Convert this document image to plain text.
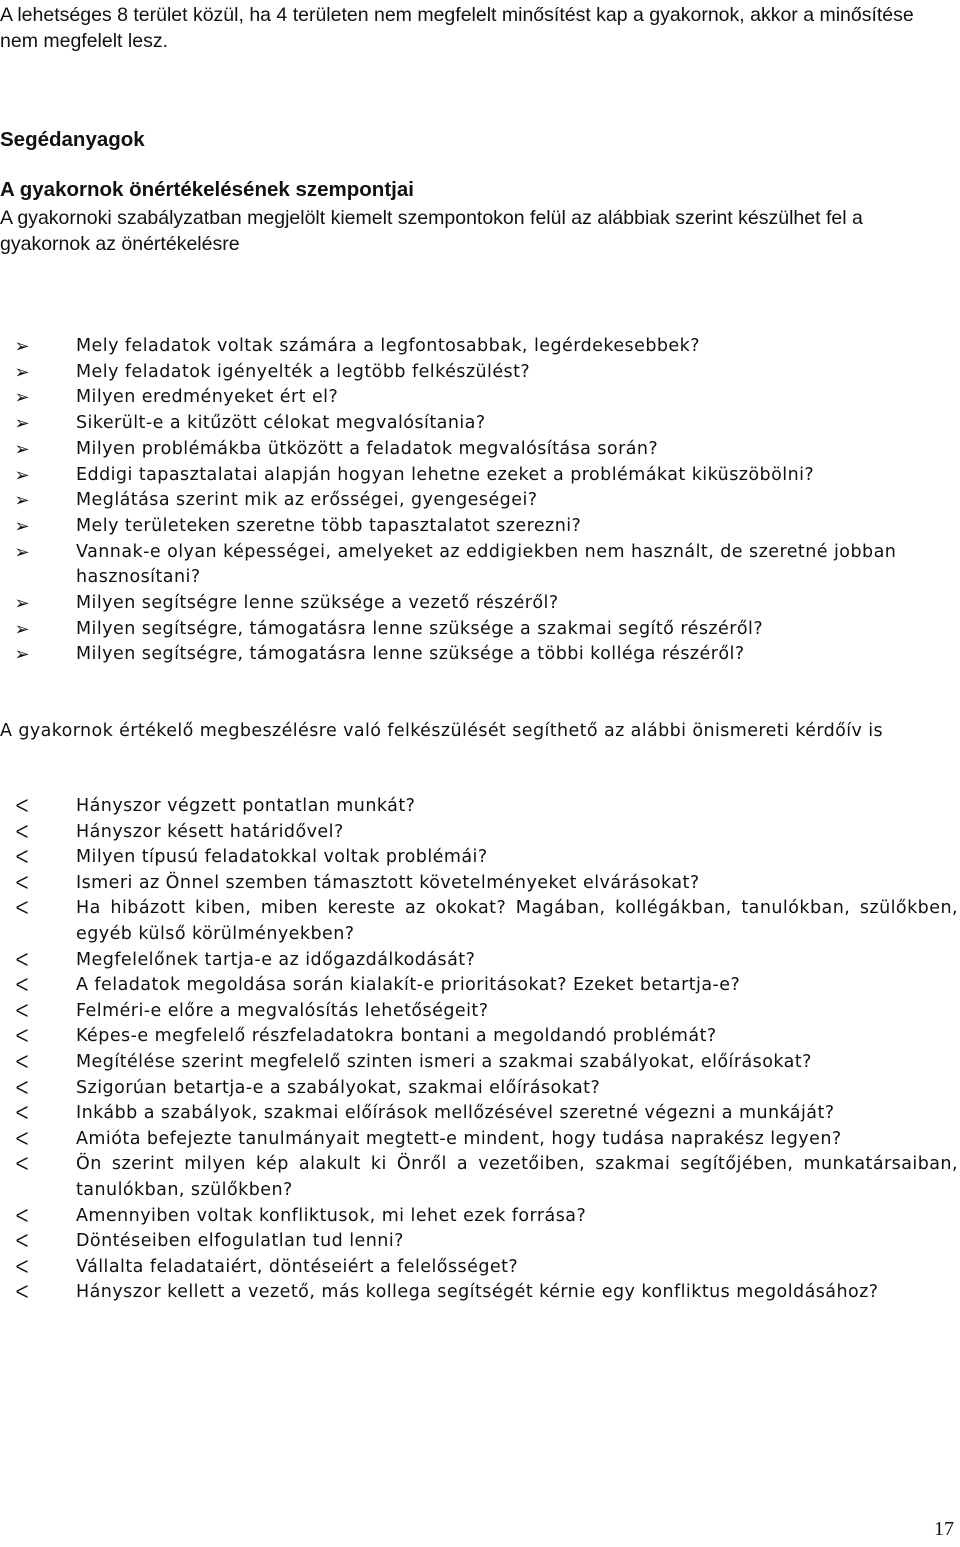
A lehetséges 8 terület közül, ha 4 területen nem megfelelt minősítést kap a gyakornok, akkor a minősítése nem megfelelt lesz.

Segédanyagok
A gyakornok önértékelésének szempontjai

A gyakornoki szabályzatban megjelölt kiemelt szempontokon felül az alábbiak szerint készülhet fel a gyakornok az önértékelésre

➢	Mely feladatok voltak számára a legfontosabbak, legérdekesebbek?
➢	Mely feladatok igényelték a legtöbb felkészülést?
➢	Milyen eredményeket ért el?
➢	Sikerült-e a kitűzött célokat megvalósítania?
➢	Milyen problémákba ütközött a feladatok megvalósítása során?
➢	Eddigi tapasztalatai alapján hogyan lehetne ezeket a problémákat kiküszöbölni?
➢	Meglátása szerint mik az erősségei, gyengeségei?
➢	Mely területeken szeretne több tapasztalatot szerezni?
➢	Vannak-e olyan képességei, amelyeket az eddigiekben nem használt, de szeretné jobban hasznosítani?
➢	Milyen segítségre lenne szüksége a vezető részéről?
➢	Milyen segítségre, támogatásra lenne szüksége a szakmai segítő részéről?
➢	Milyen segítségre, támogatásra lenne szüksége a többi kolléga részéről?

A gyakornok értékelő megbeszélésre való felkészülését segíthető az alábbi önismereti kérdőív is

ᐸ	Hányszor végzett pontatlan munkát?
ᐸ	Hányszor késett határidővel?
ᐸ	Milyen típusú feladatokkal voltak problémái?
ᐸ	Ismeri az Önnel szemben támasztott követelményeket elvárásokat?
ᐸ	Ha hibázott kiben, miben kereste az okokat? Magában, kollégákban, tanulókban, szülőkben, egyéb külső körülményekben?
ᐸ	Megfelelőnek tartja-e az időgazdálkodását?
ᐸ	A feladatok megoldása során kialakít-e prioritásokat? Ezeket betartja-e?
ᐸ	Felméri-e előre a megvalósítás lehetőségeit?
ᐸ	Képes-e megfelelő részfeladatokra bontani a megoldandó problémát?
ᐸ	Megítélése szerint megfelelő szinten ismeri a szakmai szabályokat, előírásokat?
ᐸ	Szigorúan betartja-e a szabályokat, szakmai előírásokat?
ᐸ	Inkább a szabályok, szakmai előírások mellőzésével szeretné végezni a munkáját?
ᐸ	Amióta befejezte tanulmányait megtett-e mindent, hogy tudása naprakész legyen?
ᐸ	Ön szerint milyen kép alakult ki Önről a vezetőiben, szakmai segítőjében, munkatársaiban, tanulókban, szülőkben?
ᐸ	Amennyiben voltak konfliktusok, mi lehet ezek forrása?
ᐸ	Döntéseiben elfogulatlan tud lenni?
ᐸ	Vállalta feladataiért, döntéseiért a felelősséget?
ᐸ	Hányszor kellett a vezető, más kollega segítségét kérnie egy konfliktus megoldásához?
17
